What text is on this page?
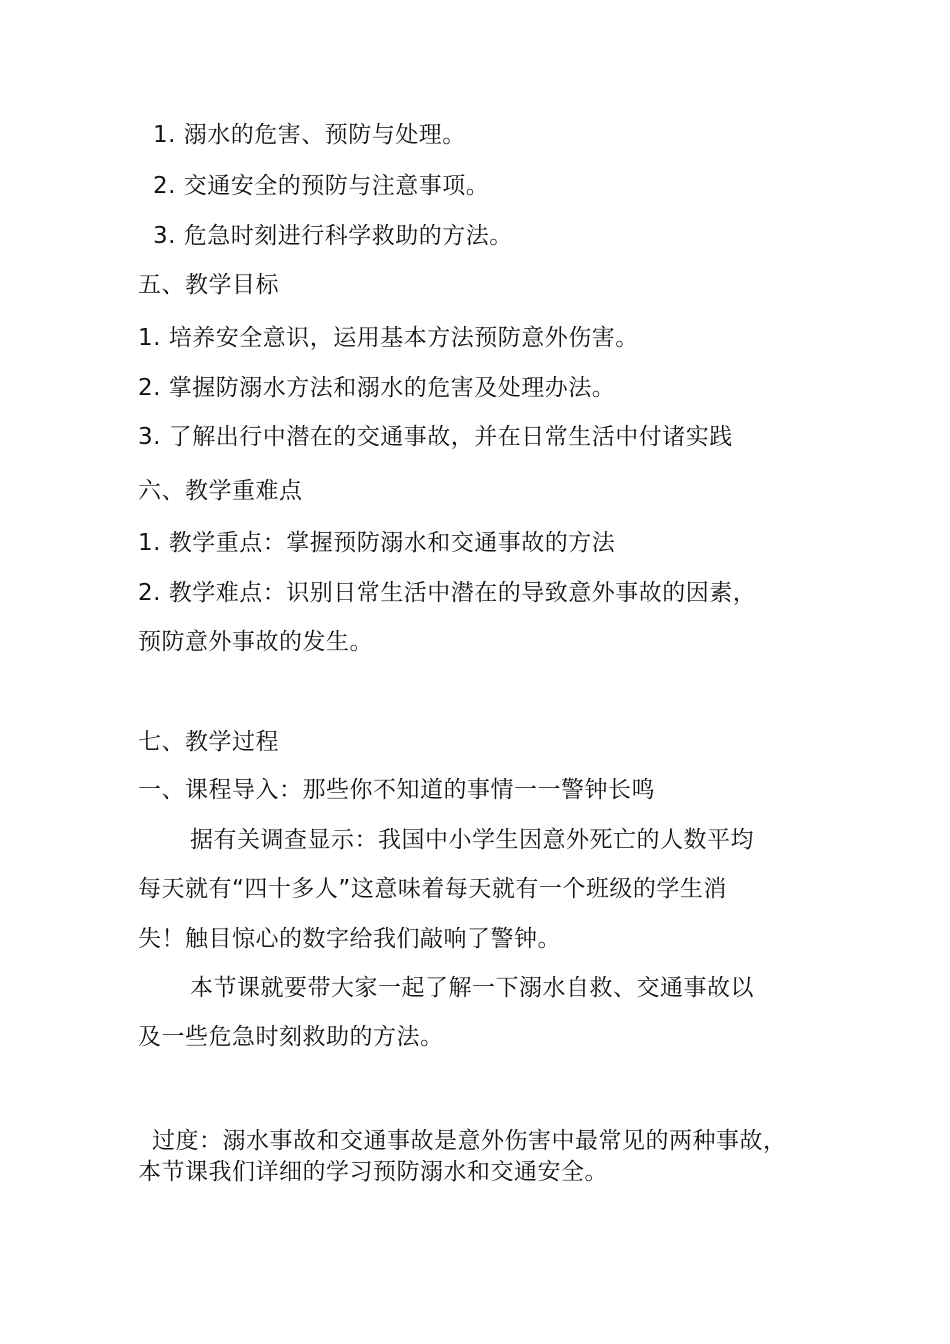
1. 溺水的危害、预防与处理。
2. 交通安全的预防与注意事项。
3. 危急时刻进行科学救助的方法。
五、教学目标
1. 培养安全意识，运用基本方法预防意外伤害。
2. 掌握防溺水方法和溺水的危害及处理办法。
3. 了解出行中潜在的交通事故，并在日常生活中付诸实践
六、教学重难点
1. 教学重点：掌握预防溺水和交通事故的方法
2. 教学难点：识别日常生活中潜在的导致意外事故的因素，
预防意外事故的发生。
七、教学过程
一、课程导入：那些你不知道的事情一一警钟长鸣
据有关调查显示：我国中小学生因意外死亡的人数平均
每天就有“四十多人”这意味着每天就有一个班级的学生消
失！触目惊心的数字给我们敲响了警钟。
本节课就要带大家一起了解一下溺水自救、交通事故以
及一些危急时刻救助的方法。
过度：溺水事故和交通事故是意外伤害中最常见的两种事故，
本节课我们详细的学习预防溺水和交通安全。
